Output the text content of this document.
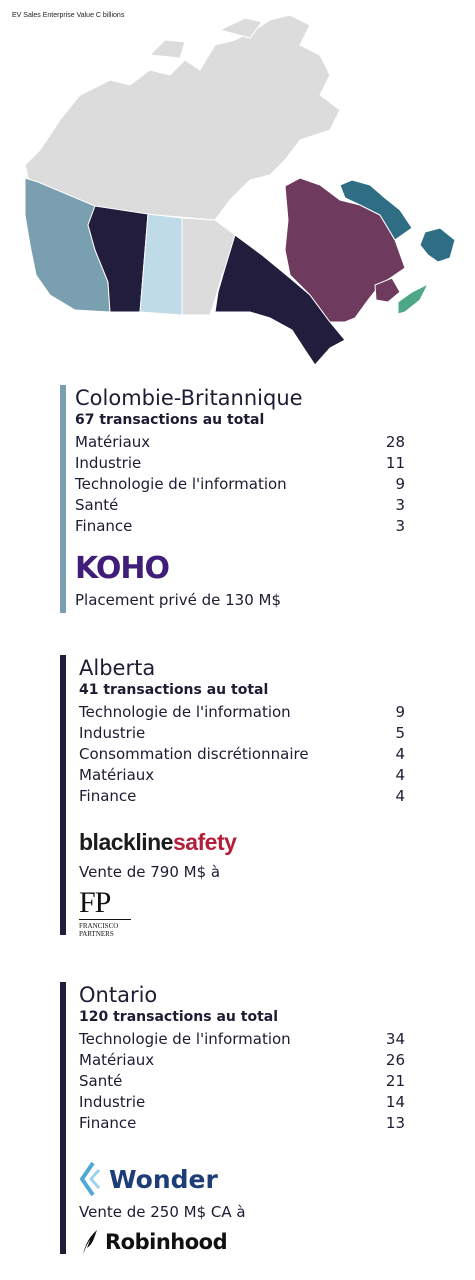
EV Sales Enterprise Value C billions
Colombie-Britannique
67 transactions au total
Matériaux	28
Industrie	11
Technologie de l'information	9
Santé	3
Finance	3
KOHO
Placement privé de 130 M$
Alberta
41 transactions au total
Technologie de l'information	9
Industrie	5
Consommation discrétionnaire	4
Matériaux	4
Finance	4
blacklinesafety
Vente de 790 M$ à
FP
FRANCISCO
PARTNERS
Ontario
120 transactions au total
Technologie de l'information	34
Matériaux	26
Santé	21
Industrie	14
Finance	13
Wonder
Vente de 250 M$ CA à
Robinhood
